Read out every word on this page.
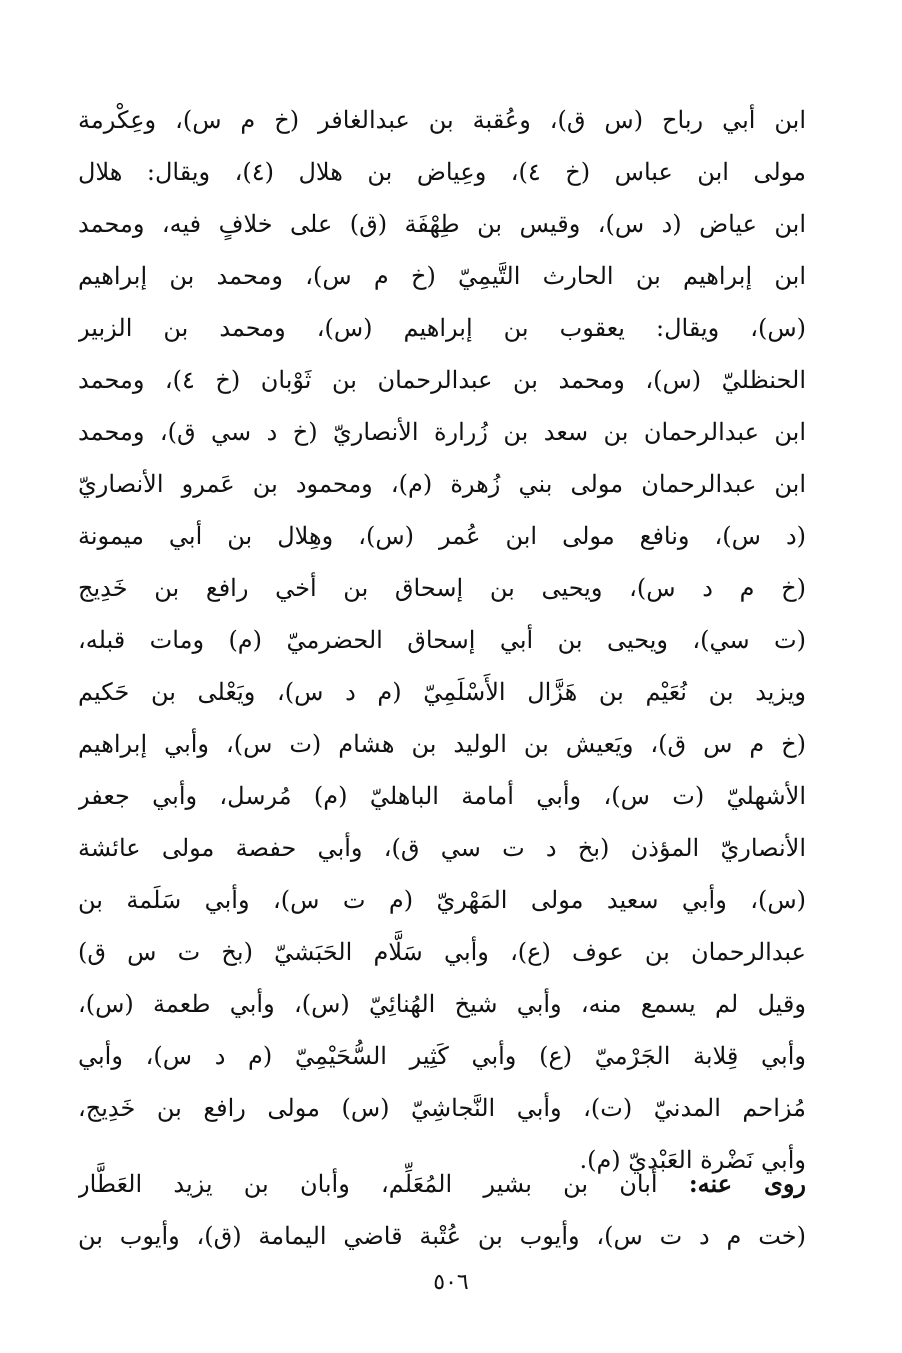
ابن أبي رباح (س ق)، وعُقبة بن عبدالغافر (خ م س)، وعِكْرمة
مولى ابن عباس (خ ٤)، وعِياض بن هلال (٤)، ويقال: هلال
ابن عياض (د س)، وقيس بن طِهْفَة (ق) على خلافٍ فيه، ومحمد
ابن إبراهيم بن الحارث التَّيمِيّ (خ م س)، ومحمد بن إبراهيم
(س)، ويقال: يعقوب بن إبراهيم (س)، ومحمد بن الزبير
الحنظليّ (س)، ومحمد بن عبدالرحمان بن ثَوْبان (خ ٤)، ومحمد
ابن عبدالرحمان بن سعد بن زُرارة الأنصاريّ (خ د سي ق)، ومحمد
ابن عبدالرحمان مولى بني زُهرة (م)، ومحمود بن عَمرو الأنصاريّ
(د س)، ونافع مولى ابن عُمر (س)، وهِلال بن أبي ميمونة
(خ م د س)، ويحيى بن إسحاق بن أخي رافع بن خَدِيج
(ت سي)، ويحيى بن أبي إسحاق الحضرميّ (م) ومات قبله،
ويزيد بن نُعَيْم بن هَزَّال الأَسْلَمِيّ (م د س)، ويَعْلى بن حَكيم
(خ م س ق)، ويَعيش بن الوليد بن هشام (ت س)، وأبي إبراهيم
الأشهليّ (ت س)، وأبي أمامة الباهليّ (م) مُرسل، وأبي جعفر
الأنصاريّ المؤذن (بخ د ت سي ق)، وأبي حفصة مولى عائشة
(س)، وأبي سعيد مولى المَهْريّ (م ت س)، وأبي سَلَمة بن
عبدالرحمان بن عوف (ع)، وأبي سَلَّام الحَبَشيّ (بخ ت س ق)
وقيل لم يسمع منه، وأبي شيخ الهُنائِيّ (س)، وأبي طعمة (س)،
وأبي قِلابة الجَرْميّ (ع) وأبي كَثِير السُّحَيْمِيّ (م د س)، وأبي
مُزاحم المدنيّ (ت)، وأبي النَّجاشِيّ (س) مولى رافع بن خَدِيج،
وأبي نَضْرة العَبْديّ (م).
روى عنه: أبان بن بشير المُعَلِّم، وأبان بن يزيد العَطَّار
(خت م د ت س)، وأيوب بن عُتْبة قاضي اليمامة (ق)، وأيوب بن
٥٠٦
